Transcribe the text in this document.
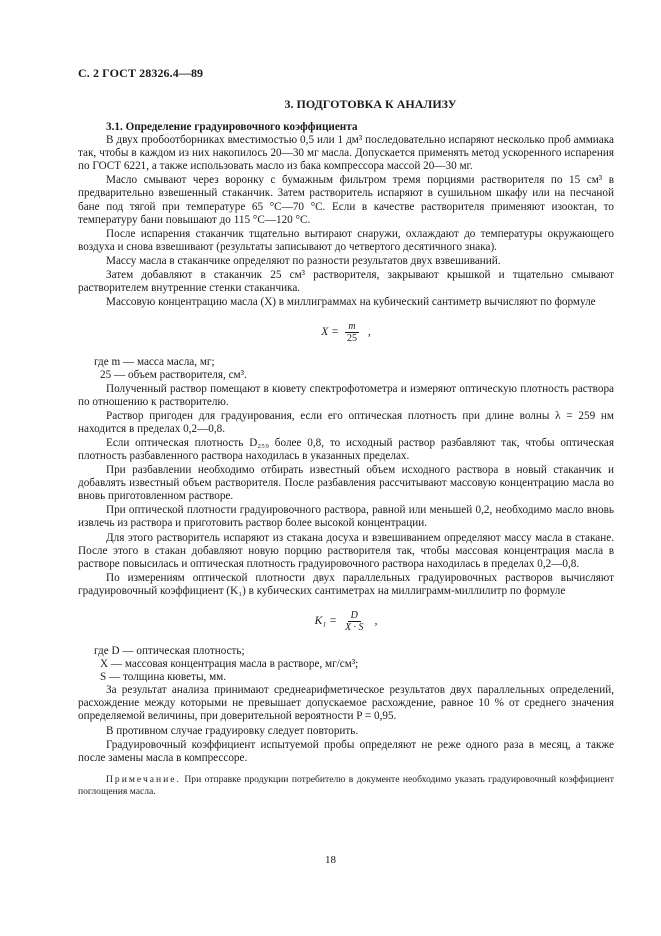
С. 2 ГОСТ 28326.4—89
3. ПОДГОТОВКА К АНАЛИЗУ

3.1. Определение градуировочного коэффициента

В двух пробоотборниках вместимостью 0,5 или 1 дм³ последовательно испаряют несколько проб аммиака так, чтобы в каждом из них накопилось 20—30 мг масла. Допускается применять метод ускоренного испарения по ГОСТ 6221, а также использовать масло из бака компрессора массой 20—30 мг.

Масло смывают через воронку с бумажным фильтром тремя порциями растворителя по 15 см³ в предварительно взвешенный стаканчик. Затем растворитель испаряют в сушильном шкафу или на песчаной бане под тягой при температуре 65 °С—70 °С. Если в качестве растворителя применяют изооктан, то температуру бани повышают до 115 °С—120 °С.

После испарения стаканчик тщательно вытирают снаружи, охлаждают до температуры окружающего воздуха и снова взвешивают (результаты записывают до четвертого десятичного знака).

Массу масла в стаканчике определяют по разности результатов двух взвешиваний.

Затем добавляют в стаканчик 25 см³ растворителя, закрывают крышкой и тщательно смывают растворителем внутренние стенки стаканчика.

Массовую концентрацию масла (X) в миллиграммах на кубический сантиметр вычисляют по формуле

$X = \frac{m}{25}$ ,

где m — масса масла, мг;

25 — объем растворителя, см³.

Полученный раствор помещают в кювету спектрофотометра и измеряют оптическую плотность раствора по отношению к растворителю.

Раствор пригоден для градуирования, если его оптическая плотность при длине волны λ = 259 нм находится в пределах 0,2—0,8.

Если оптическая плотность D₂₅₉ более 0,8, то исходный раствор разбавляют так, чтобы оптическая плотность разбавленного раствора находилась в указанных пределах.

При разбавлении необходимо отбирать известный объем исходного раствора в новый стаканчик и добавлять известный объем растворителя. После разбавления рассчитывают массовую концентрацию масла во вновь приготовленном растворе.

При оптической плотности градуировочного раствора, равной или меньшей 0,2, необходимо масло вновь извлечь из раствора и приготовить раствор более высокой концентрации.

Для этого растворитель испаряют из стакана досуха и взвешиванием определяют массу масла в стакане. После этого в стакан добавляют новую порцию растворителя так, чтобы массовая концентрация масла в растворе повысилась и оптическая плотность градуировочного раствора находилась в пределах 0,2—0,8.

По измерениям оптической плотности двух параллельных градуировочных растворов вычисляют градуировочный коэффициент (K₁) в кубических сантиметрах на миллиграмм-миллилитр по формуле

$K_1 = \frac{D}{X \cdot S}$ ,

где D — оптическая плотность;

X — массовая концентрация масла в растворе, мг/см³;

S — толщина кюветы, мм.

За результат анализа принимают среднеарифметическое результатов двух параллельных определений, расхождение между которыми не превышает допускаемое расхождение, равное 10 % от среднего значения определяемой величины, при доверительной вероятности P = 0,95.

В противном случае градуировку следует повторить.

Градуировочный коэффициент испытуемой пробы определяют не реже одного раза в месяц, а также после замены масла в компрессоре.

Примечание. При отправке продукции потребителю в документе необходимо указать градуировочный коэффициент поглощения масла.

18
